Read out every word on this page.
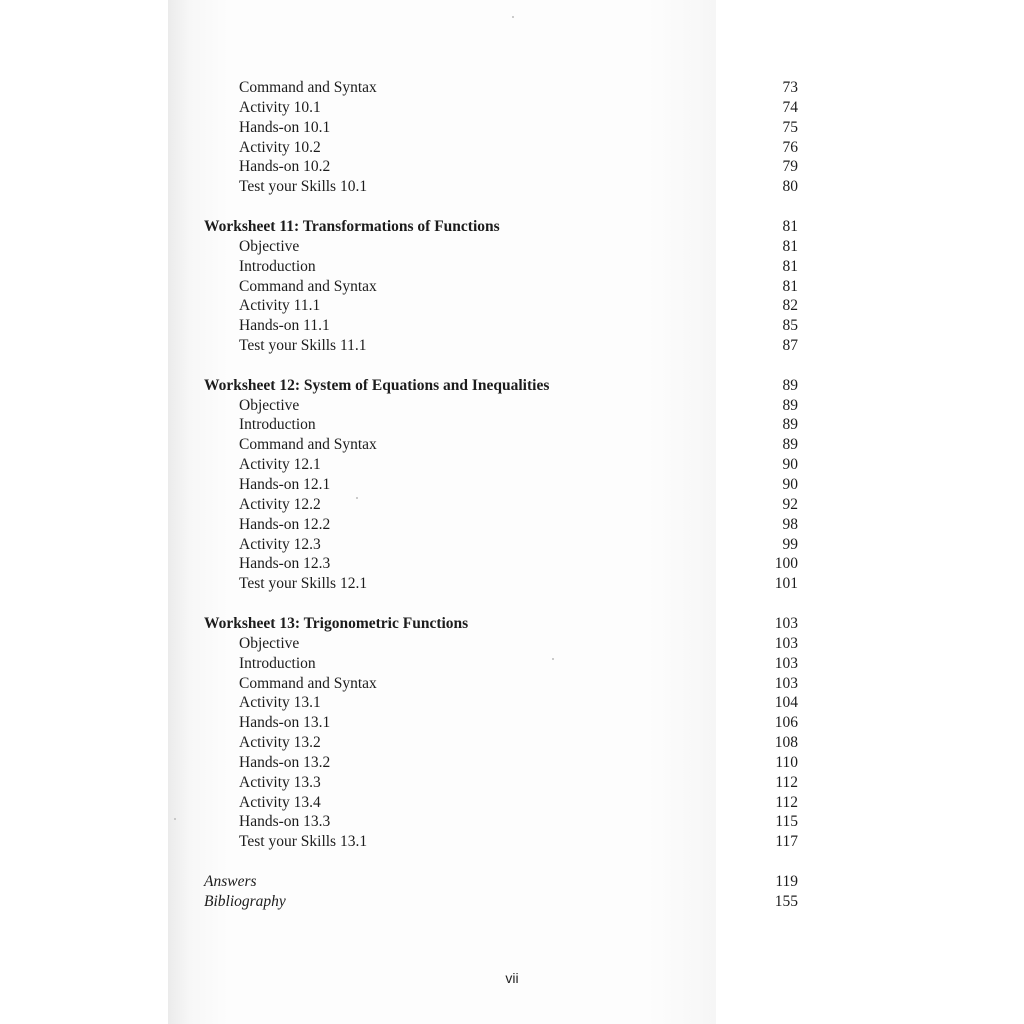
Command and Syntax	73
Activity 10.1	74
Hands-on 10.1	75
Activity 10.2	76
Hands-on 10.2	79
Test your Skills 10.1	80
Worksheet 11: Transformations of Functions	81
Objective	81
Introduction	81
Command and Syntax	81
Activity 11.1	82
Hands-on 11.1	85
Test your Skills 11.1	87
Worksheet 12: System of Equations and Inequalities	89
Objective	89
Introduction	89
Command and Syntax	89
Activity 12.1	90
Hands-on 12.1	90
Activity 12.2	92
Hands-on 12.2	98
Activity 12.3	99
Hands-on 12.3	100
Test your Skills 12.1	101
Worksheet 13: Trigonometric Functions	103
Objective	103
Introduction	103
Command and Syntax	103
Activity 13.1	104
Hands-on 13.1	106
Activity 13.2	108
Hands-on 13.2	110
Activity 13.3	112
Activity 13.4	112
Hands-on 13.3	115
Test your Skills 13.1	117
Answers	119
Bibliography	155
vii
